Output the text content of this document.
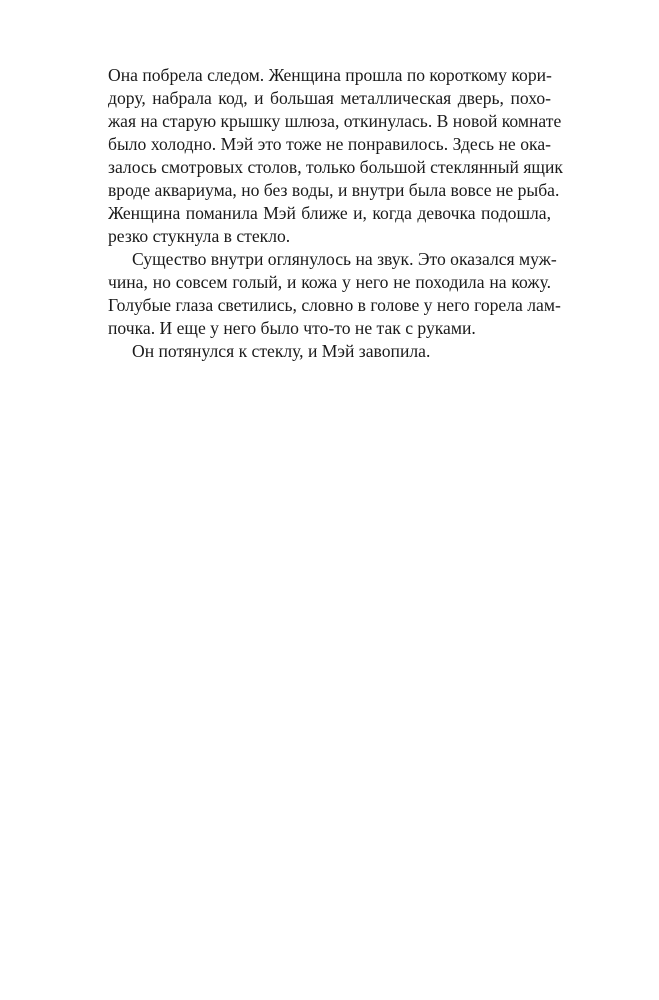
Она побрела следом. Женщина прошла по короткому кори-
дору, набрала код, и большая металлическая дверь, похо-
жая на старую крышку шлюза, откинулась. В новой комнате
было холодно. Мэй это тоже не понравилось. Здесь не ока-
залось смотровых столов, только большой стеклянный ящик
вроде аквариума, но без воды, и внутри была вовсе не рыба.
Женщина поманила Мэй ближе и, когда девочка подошла,
резко стукнула в стекло.
Существо внутри оглянулось на звук. Это оказался муж-
чина, но совсем голый, и кожа у него не походила на кожу.
Голубые глаза светились, словно в голове у него горела лам-
почка. И еще у него было что-то не так с руками.
Он потянулся к стеклу, и Мэй завопила.
